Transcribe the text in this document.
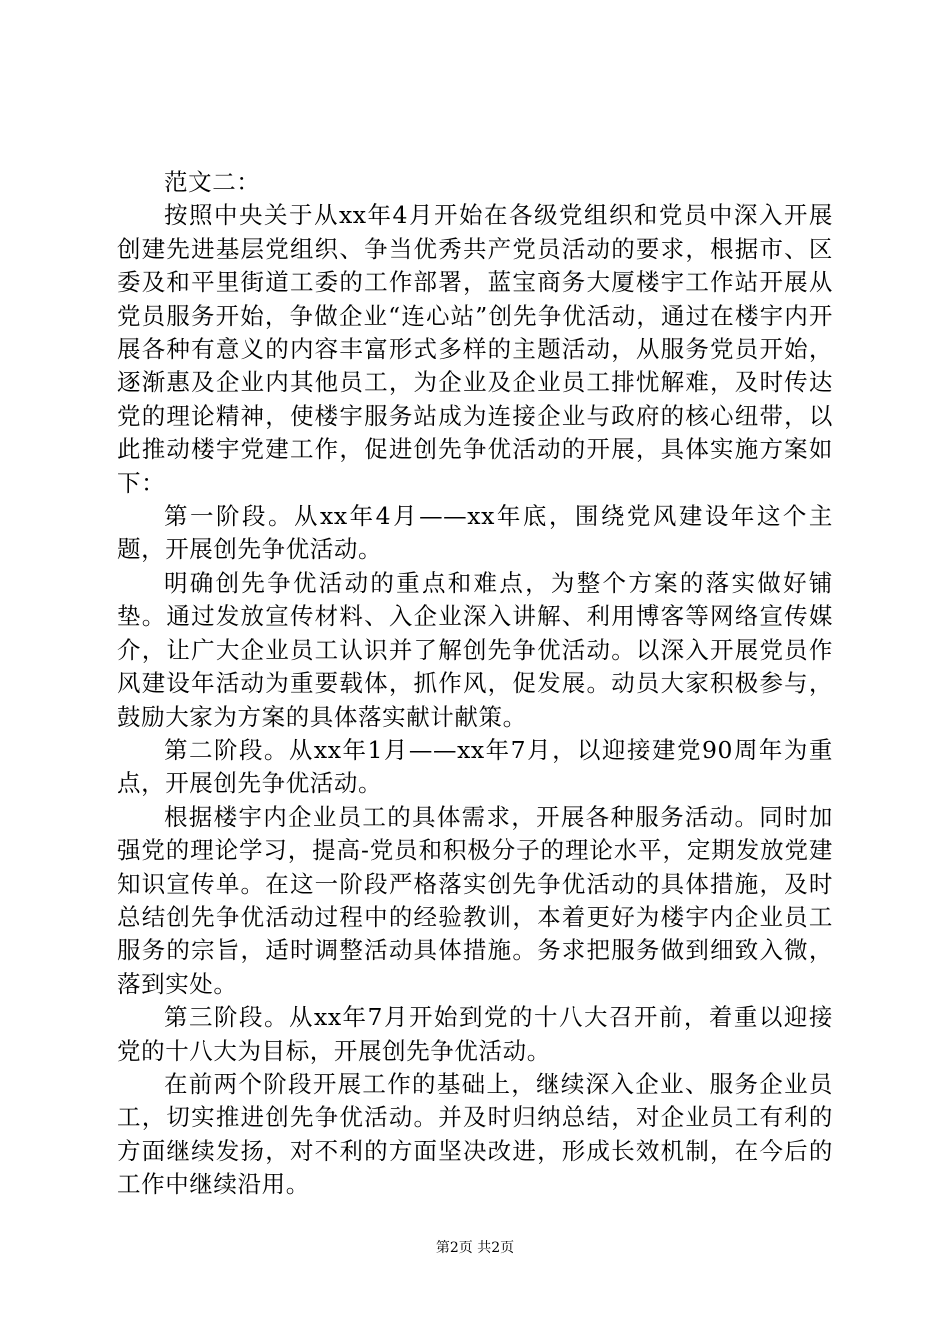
范文二：

按照中央关于从xx年4月开始在各级党组织和党员中深入开展创建先进基层党组织、争当优秀共产党员活动的要求，根据市、区委及和平里街道工委的工作部署，蓝宝商务大厦楼宇工作站开展从党员服务开始，争做企业“连心站”创先争优活动，通过在楼宇内开展各种有意义的内容丰富形式多样的主题活动，从服务党员开始，逐渐惠及企业内其他员工，为企业及企业员工排忧解难，及时传达党的理论精神，使楼宇服务站成为连接企业与政府的核心纽带，以此推动楼宇党建工作，促进创先争优活动的开展，具体实施方案如下：

第一阶段。从xx年4月——xx年底，围绕党风建设年这个主题，开展创先争优活动。

明确创先争优活动的重点和难点，为整个方案的落实做好铺垫。通过发放宣传材料、入企业深入讲解、利用博客等网络宣传媒介，让广大企业员工认识并了解创先争优活动。以深入开展党员作风建设年活动为重要载体，抓作风，促发展。动员大家积极参与，鼓励大家为方案的具体落实献计献策。

第二阶段。从xx年1月——xx年7月，以迎接建党90周年为重点，开展创先争优活动。

根据楼宇内企业员工的具体需求，开展各种服务活动。同时加强党的理论学习，提高-党员和积极分子的理论水平，定期发放党建知识宣传单。在这一阶段严格落实创先争优活动的具体措施，及时总结创先争优活动过程中的经验教训，本着更好为楼宇内企业员工服务的宗旨，适时调整活动具体措施。务求把服务做到细致入微，落到实处。

第三阶段。从xx年7月开始到党的十八大召开前，着重以迎接党的十八大为目标，开展创先争优活动。

在前两个阶段开展工作的基础上，继续深入企业、服务企业员工，切实推进创先争优活动。并及时归纳总结，对企业员工有利的方面继续发扬，对不利的方面坚决改进，形成长效机制，在今后的工作中继续沿用。

第2页 共2页
